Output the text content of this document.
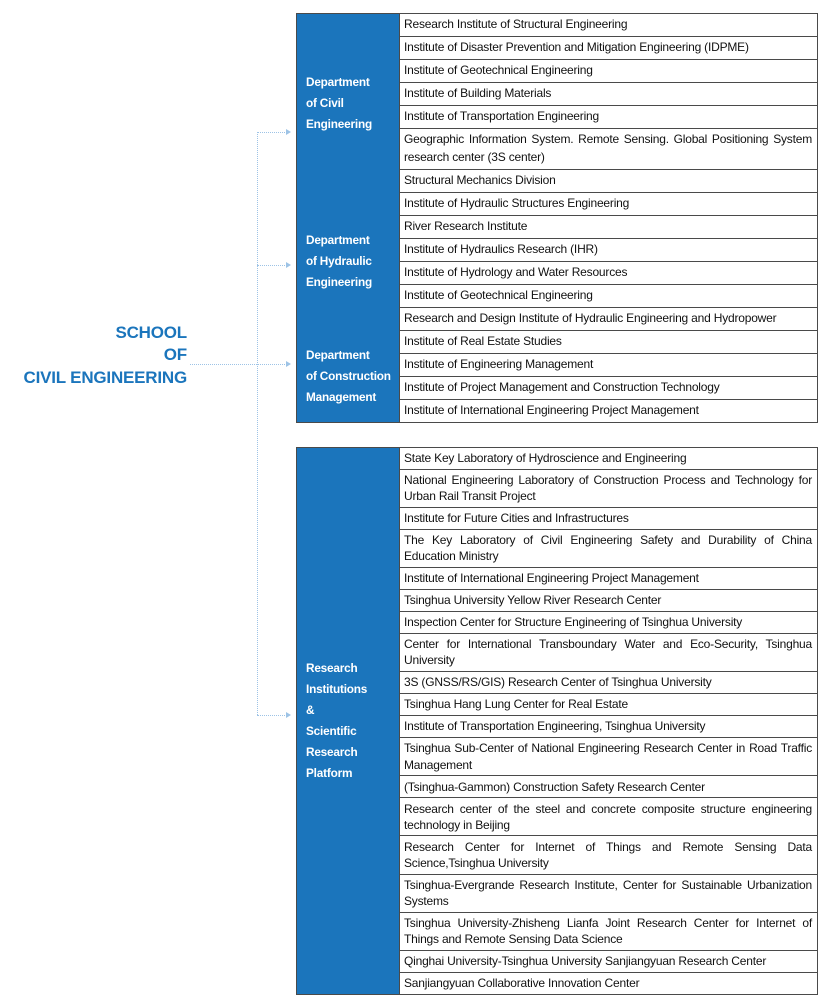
SCHOOL
OF
CIVIL ENGINEERING
Department
of Civil
Engineering
Research Institute of Structural Engineering
Institute of Disaster Prevention and Mitigation Engineering (IDPME)
Institute of Geotechnical Engineering
Institute of Building Materials
Institute of Transportation Engineering
Geographic Information System. Remote Sensing. Global Positioning System research center (3S center)
Structural Mechanics Division
Department
of Hydraulic
Engineering
Institute of Hydraulic Structures Engineering
River Research Institute
Institute of Hydraulics Research (IHR)
Institute of Hydrology and Water Resources
Institute of Geotechnical Engineering
Research and Design Institute of Hydraulic Engineering and Hydropower
Department
of Construction
Management
Institute of Real Estate Studies
Institute of Engineering Management
Institute of Project Management and Construction Technology
Institute of International Engineering Project Management
Research
Institutions
&
Scientific
Research
Platform
State Key Laboratory of Hydroscience and Engineering
National Engineering Laboratory of Construction Process and Technology for Urban Rail Transit Project
Institute for Future Cities and Infrastructures
The Key Laboratory of Civil Engineering Safety and Durability of China Education Ministry
Institute of International Engineering Project Management
Tsinghua University Yellow River Research Center
Inspection Center for Structure Engineering of Tsinghua University
Center for International Transboundary Water and Eco-Security, Tsinghua University
3S (GNSS/RS/GIS) Research Center of Tsinghua University
Tsinghua Hang Lung Center for Real Estate
Institute of Transportation Engineering, Tsinghua University
Tsinghua Sub-Center of National Engineering Research Center in Road Traffic Management
(Tsinghua-Gammon) Construction Safety Research Center
Research center of the steel and concrete composite structure engineering technology in Beijing
Research Center for Internet of Things and Remote Sensing Data Science,Tsinghua University
Tsinghua-Evergrande Research Institute, Center for Sustainable Urbanization Systems
Tsinghua University-Zhisheng Lianfa Joint Research Center for Internet of Things and Remote Sensing Data Science
Qinghai University-Tsinghua University Sanjiangyuan Research Center
Sanjiangyuan Collaborative Innovation Center
